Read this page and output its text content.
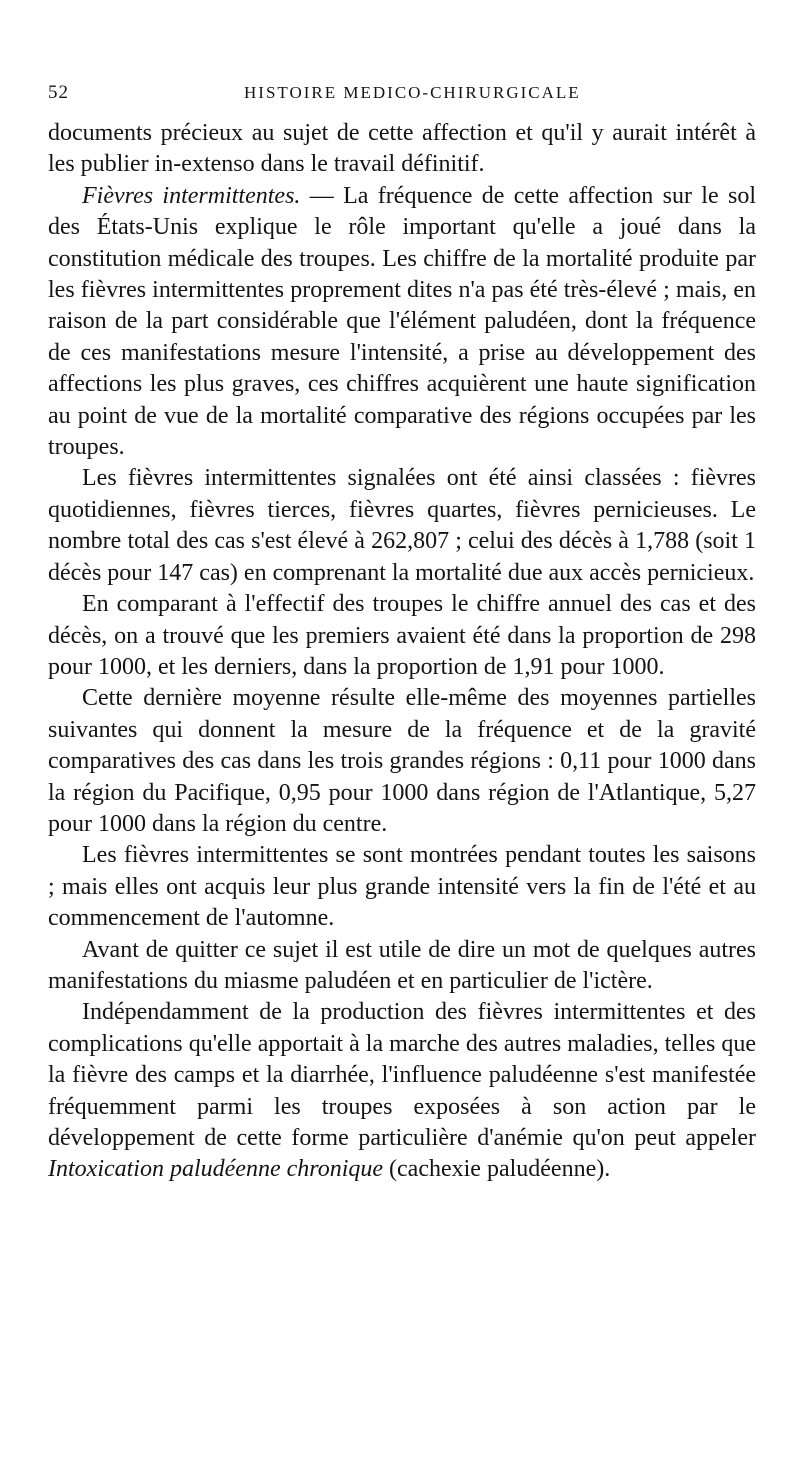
52	HISTOIRE MEDICO-CHIRURGICALE

documents précieux au sujet de cette affection et qu'il y aurait intérêt à les publier in-extenso dans le travail définitif.

Fièvres intermittentes. — La fréquence de cette affection sur le sol des États-Unis explique le rôle important qu'elle a joué dans la constitution médicale des troupes. Les chiffre de la mortalité produite par les fièvres intermittentes proprement dites n'a pas été très-élevé ; mais, en raison de la part considérable que l'élément paludéen, dont la fréquence de ces manifestations mesure l'intensité, a prise au développement des affections les plus graves, ces chiffres acquièrent une haute signification au point de vue de la mortalité comparative des régions occupées par les troupes.

Les fièvres intermittentes signalées ont été ainsi classées : fièvres quotidiennes, fièvres tierces, fièvres quartes, fièvres pernicieuses. Le nombre total des cas s'est élevé à 262,807 ; celui des décès à 1,788 (soit 1 décès pour 147 cas) en comprenant la mortalité due aux accès pernicieux.

En comparant à l'effectif des troupes le chiffre annuel des cas et des décès, on a trouvé que les premiers avaient été dans la proportion de 298 pour 1000, et les derniers, dans la proportion de 1,91 pour 1000.

Cette dernière moyenne résulte elle-même des moyennes partielles suivantes qui donnent la mesure de la fréquence et de la gravité comparatives des cas dans les trois grandes régions : 0,11 pour 1000 dans la région du Pacifique, 0,95 pour 1000 dans région de l'Atlantique, 5,27 pour 1000 dans la région du centre.

Les fièvres intermittentes se sont montrées pendant toutes les saisons ; mais elles ont acquis leur plus grande intensité vers la fin de l'été et au commencement de l'automne.

Avant de quitter ce sujet il est utile de dire un mot de quelques autres manifestations du miasme paludéen et en particulier de l'ictère.

Indépendamment de la production des fièvres intermittentes et des complications qu'elle apportait à la marche des autres maladies, telles que la fièvre des camps et la diarrhée, l'influence paludéenne s'est manifestée fréquemment parmi les troupes exposées à son action par le développement de cette forme particulière d'anémie qu'on peut appeler Intoxication paludéenne chronique (cachexie paludéenne).
